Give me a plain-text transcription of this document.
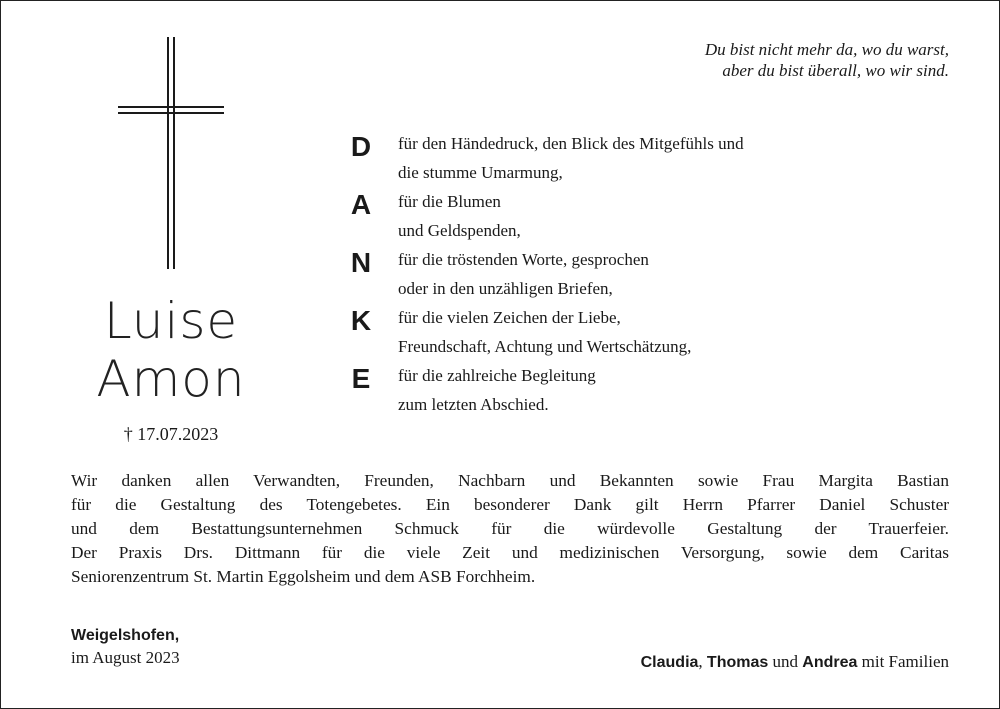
Du bist nicht mehr da, wo du warst,
aber du bist überall, wo wir sind.
Luise
Amon
† 17.07.2023
D
A
N
K
E
für den Händedruck, den Blick des Mitgefühls und
die stumme Umarmung,
für die Blumen
und Geldspenden,
für die tröstenden Worte, gesprochen
oder in den unzähligen Briefen,
für die vielen Zeichen der Liebe,
Freundschaft, Achtung und Wertschätzung,
für die zahlreiche Begleitung
zum letzten Abschied.
Wir danken allen Verwandten, Freunden, Nachbarn und Bekannten sowie Frau Margita Bastian
für die Gestaltung des Totengebetes. Ein besonderer Dank gilt Herrn Pfarrer Daniel Schuster
und dem Bestattungsunternehmen Schmuck für die würdevolle Gestaltung der Trauerfeier.
Der Praxis Drs. Dittmann für die viele Zeit und medizinischen Versorgung, sowie dem Caritas
Seniorenzentrum St. Martin Eggolsheim und dem ASB Forchheim.
Weigelshofen,
im August 2023	Claudia, Thomas und Andrea mit Familien
